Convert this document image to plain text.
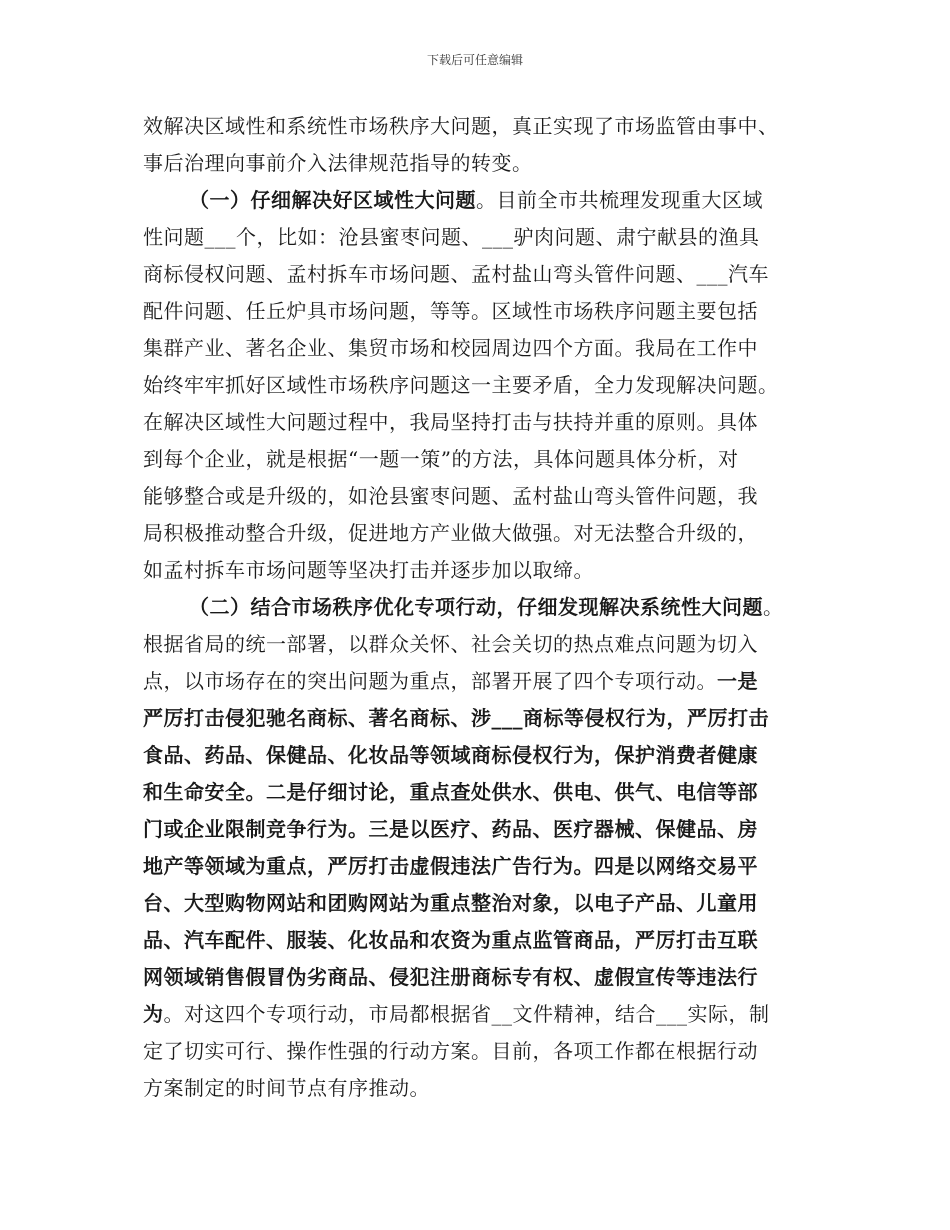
下载后可任意编辑
效解决区域性和系统性市场秩序大问题，真正实现了市场监管由事中、
事后治理向事前介入法律规范指导的转变。
（一）仔细解决好区域性大问题。目前全市共梳理发现重大区域
性问题___个，比如：沧县蜜枣问题、___驴肉问题、肃宁献县的渔具
商标侵权问题、孟村拆车市场问题、孟村盐山弯头管件问题、___汽车
配件问题、任丘炉具市场问题，等等。区域性市场秩序问题主要包括
集群产业、著名企业、集贸市场和校园周边四个方面。我局在工作中
始终牢牢抓好区域性市场秩序问题这一主要矛盾，全力发现解决问题。
在解决区域性大问题过程中，我局坚持打击与扶持并重的原则。具体
到每个企业，就是根据“一题一策”的方法，具体问题具体分析，对
能够整合或是升级的，如沧县蜜枣问题、孟村盐山弯头管件问题，我
局积极推动整合升级，促进地方产业做大做强。对无法整合升级的，
如孟村拆车市场问题等坚决打击并逐步加以取缔。
（二）结合市场秩序优化专项行动，仔细发现解决系统性大问题。
根据省局的统一部署，以群众关怀、社会关切的热点难点问题为切入
点，以市场存在的突出问题为重点，部署开展了四个专项行动。一是
严厉打击侵犯驰名商标、著名商标、涉___商标等侵权行为，严厉打击
食品、药品、保健品、化妆品等领域商标侵权行为，保护消费者健康
和生命安全。二是仔细讨论，重点查处供水、供电、供气、电信等部
门或企业限制竞争行为。三是以医疗、药品、医疗器械、保健品、房
地产等领域为重点，严厉打击虚假违法广告行为。四是以网络交易平
台、大型购物网站和团购网站为重点整治对象，以电子产品、儿童用
品、汽车配件、服装、化妆品和农资为重点监管商品，严厉打击互联
网领域销售假冒伪劣商品、侵犯注册商标专有权、虚假宣传等违法行
为。对这四个专项行动，市局都根据省__文件精神，结合___实际，制
定了切实可行、操作性强的行动方案。目前，各项工作都在根据行动
方案制定的时间节点有序推动。
